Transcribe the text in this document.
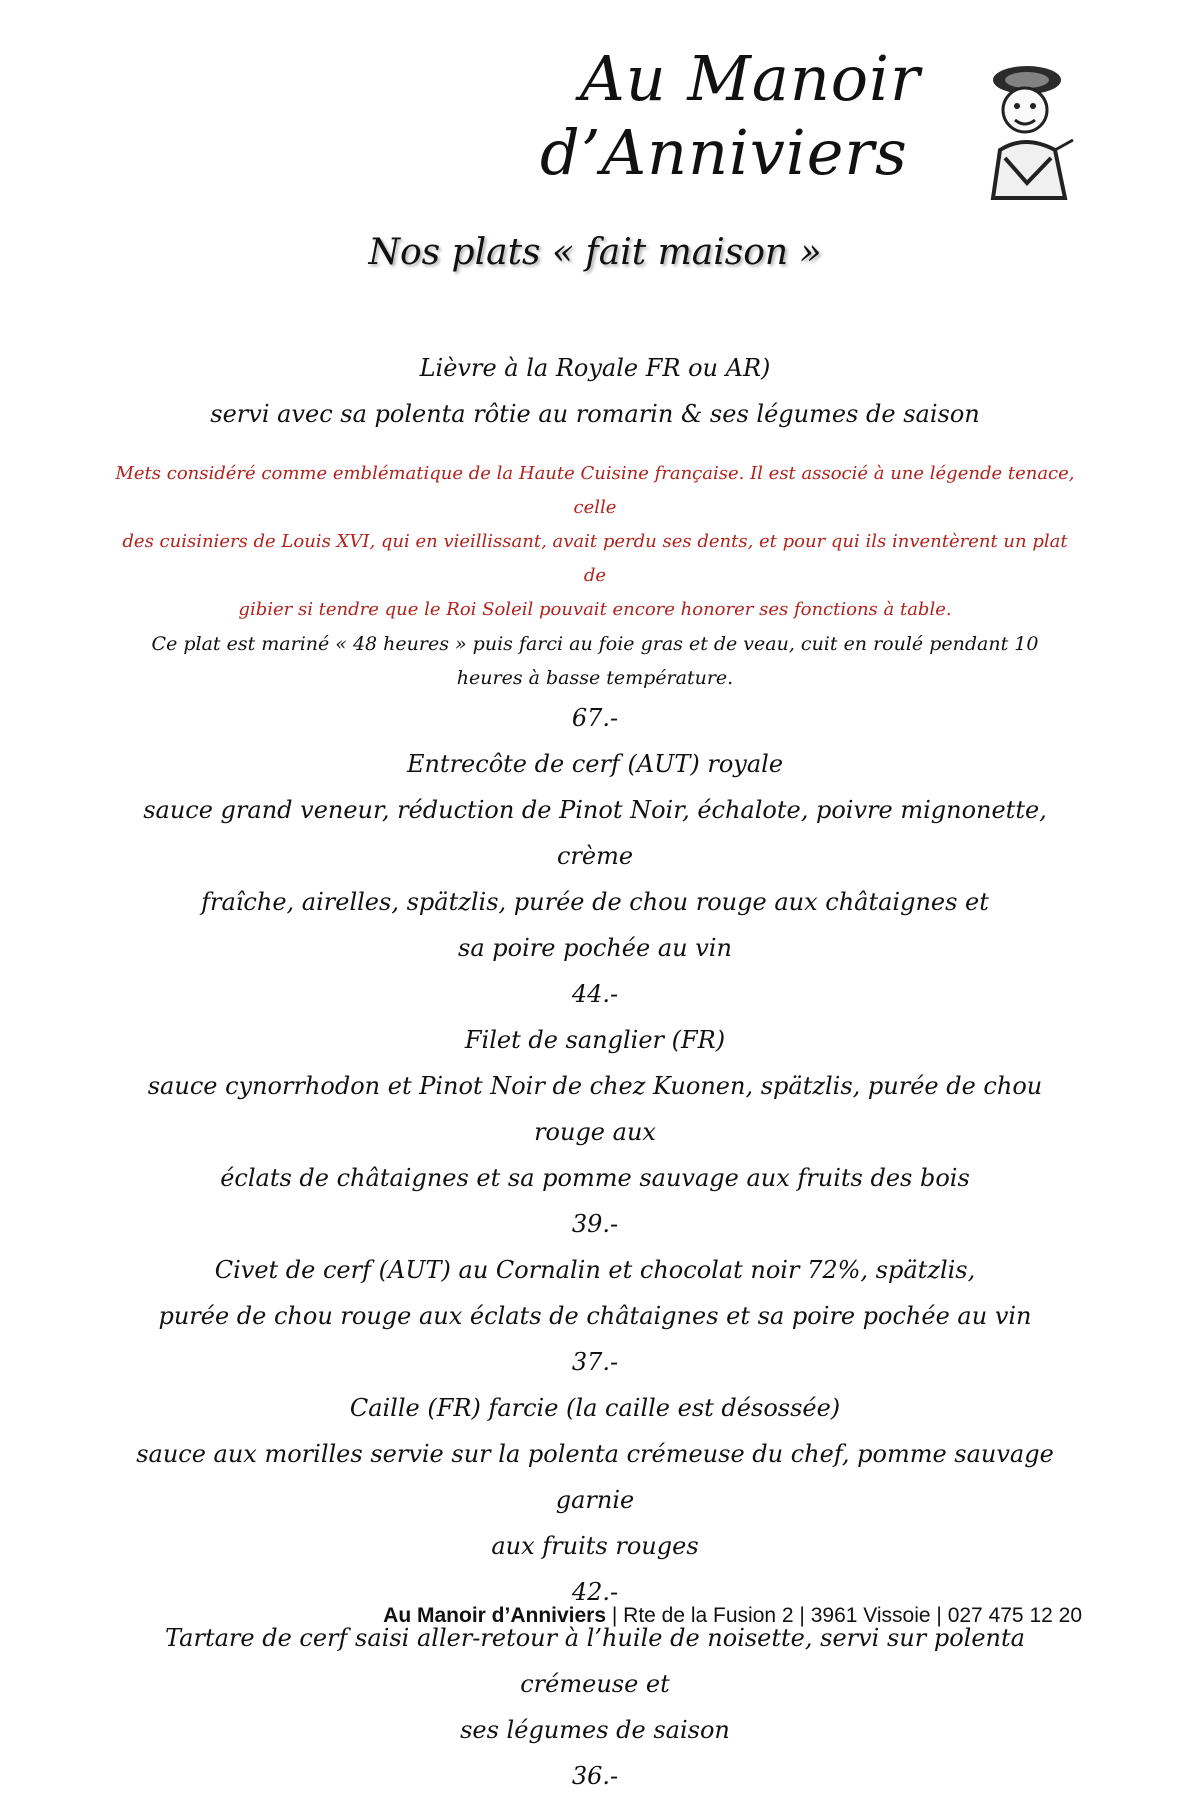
Au Manoir
d’Anniviers
Nos plats « fait maison »
Lièvre à la Royale FR ou AR)
servi avec sa polenta rôtie au romarin & ses légumes de saison
Mets considéré comme emblématique de la Haute Cuisine française. Il est associé à une légende tenace, celle
des cuisiniers de Louis XVI, qui en vieillissant, avait perdu ses dents, et pour qui ils inventèrent un plat de
gibier si tendre que le Roi Soleil pouvait encore honorer ses fonctions à table.
Ce plat est mariné « 48 heures » puis farci au foie gras et de veau, cuit en roulé pendant 10
heures à basse température.
67.-
Entrecôte de cerf (AUT) royale
sauce grand veneur, réduction de Pinot Noir, échalote, poivre mignonette, crème
fraîche, airelles, spätzlis, purée de chou rouge aux châtaignes et
sa poire pochée au vin
44.-
Filet de sanglier (FR)
sauce cynorrhodon et Pinot Noir de chez Kuonen, spätzlis, purée de chou rouge aux
éclats de châtaignes et sa pomme sauvage aux fruits des bois
39.-
Civet de cerf (AUT) au Cornalin et chocolat noir 72%, spätzlis,
purée de chou rouge aux éclats de châtaignes et sa poire pochée au vin
37.-
Caille (FR) farcie (la caille est désossée)
sauce aux morilles servie sur la polenta crémeuse du chef, pomme sauvage garnie
aux fruits rouges
42.-
Tartare de cerf saisi aller-retour à l’huile de noisette, servi sur polenta crémeuse et
ses légumes de saison
36.-
Au Manoir d’Anniviers | Rte de la Fusion 2 | 3961 Vissoie | 027 475 12 20
